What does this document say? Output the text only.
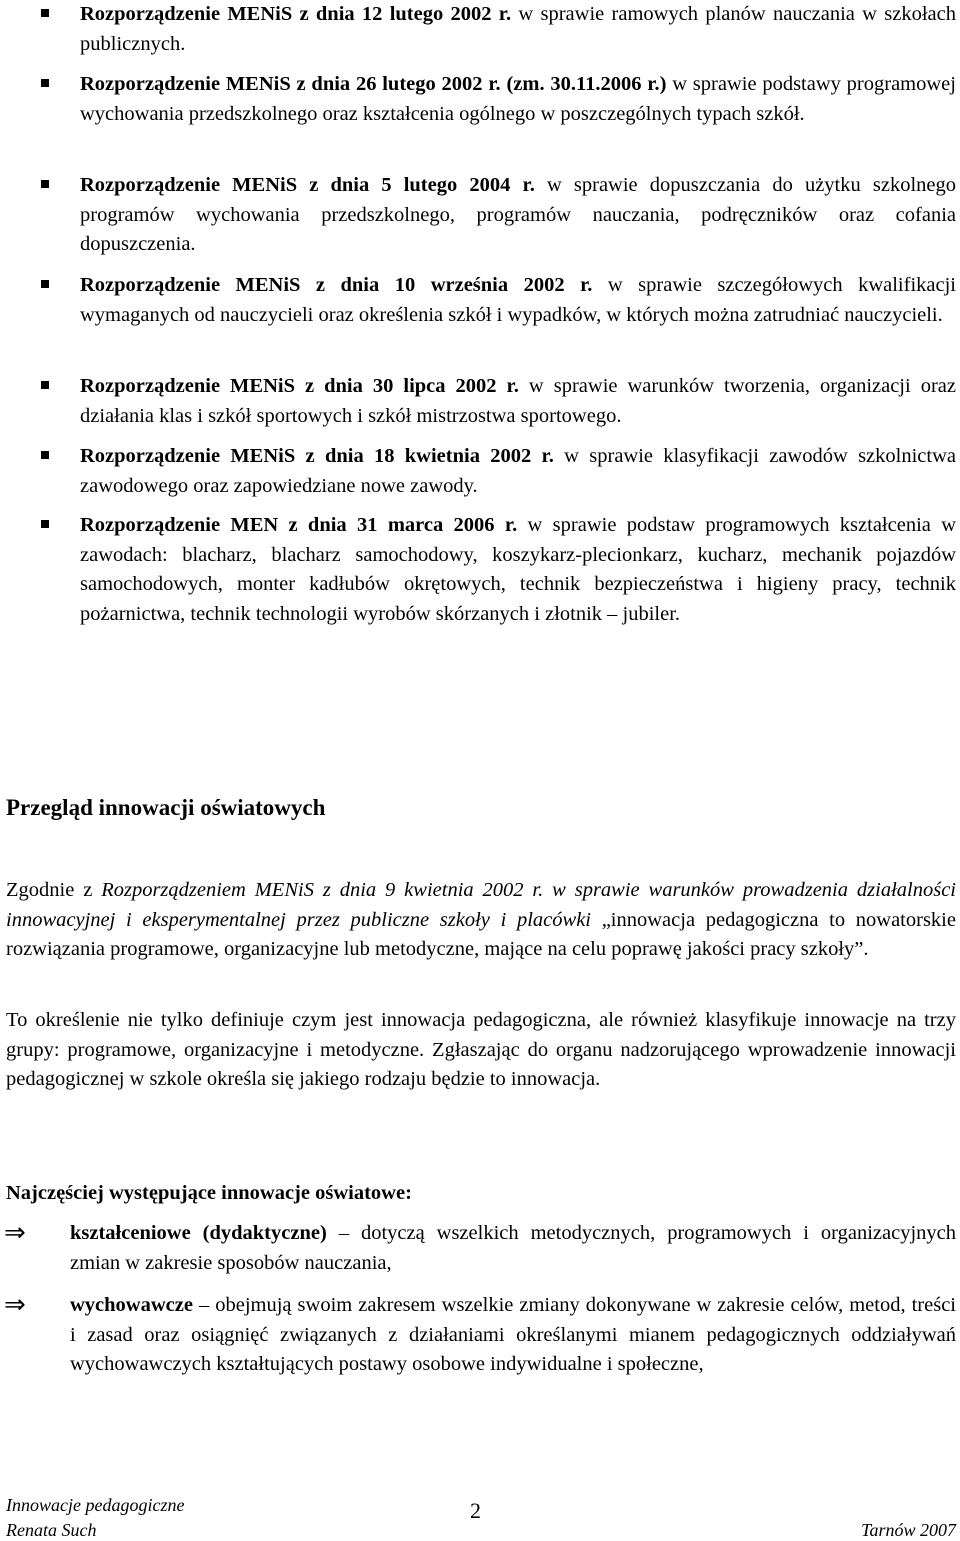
Rozporządzenie MENiS z dnia 12 lutego 2002 r. w sprawie ramowych planów nauczania w szkołach publicznych.
Rozporządzenie MENiS z dnia 26 lutego 2002 r. (zm. 30.11.2006 r.) w sprawie podstawy programowej wychowania przedszkolnego oraz kształcenia ogólnego w poszczególnych typach szkół.
Rozporządzenie MENiS z dnia 5 lutego 2004 r. w sprawie dopuszczania do użytku szkolnego programów wychowania przedszkolnego, programów nauczania, podręczników oraz cofania dopuszczenia.
Rozporządzenie MENiS z dnia 10 września 2002 r. w sprawie szczegółowych kwalifikacji wymaganych od nauczycieli oraz określenia szkół i wypadków, w których można zatrudniać nauczycieli.
Rozporządzenie MENiS z dnia 30 lipca 2002 r. w sprawie warunków tworzenia, organizacji oraz działania klas i szkół sportowych i szkół mistrzostwa sportowego.
Rozporządzenie MENiS z dnia 18 kwietnia 2002 r. w sprawie klasyfikacji zawodów szkolnictwa zawodowego oraz zapowiedziane nowe zawody.
Rozporządzenie MEN z dnia 31 marca 2006 r. w sprawie podstaw programowych kształcenia w zawodach: blacharz, blacharz samochodowy, koszykarz-plecionkarz, kucharz, mechanik pojazdów samochodowych, monter kadłubów okrętowych, technik bezpieczeństwa i higieny pracy, technik pożarnictwa, technik technologii wyrobów skórzanych i złotnik – jubiler.
Przegląd innowacji oświatowych
Zgodnie z Rozporządzeniem MENiS z dnia 9 kwietnia 2002 r. w sprawie warunków prowadzenia działalności innowacyjnej i eksperymentalnej przez publiczne szkoły i placówki „innowacja pedagogiczna to nowatorskie rozwiązania programowe, organizacyjne lub metodyczne, mające na celu poprawę jakości pracy szkoły”.
To określenie nie tylko definiuje czym jest innowacja pedagogiczna, ale również klasyfikuje innowacje na trzy grupy: programowe, organizacyjne i metodyczne. Zgłaszając do organu nadzorującego wprowadzenie innowacji pedagogicznej w szkole określa się jakiego rodzaju będzie to innowacja.
Najczęściej występujące innowacje oświatowe:
⇒ kształceniowe (dydaktyczne) – dotyczą wszelkich metodycznych, programowych i organizacyjnych zmian w zakresie sposobów nauczania,
⇒ wychowawcze – obejmują swoim zakresem wszelkie zmiany dokonywane w zakresie celów, metod, treści i zasad oraz osiągnięć związanych z działaniami określanymi mianem pedagogicznych oddziaływań wychowawczych kształtujących postawy osobowe indywidualne i społeczne,
Innowacje pedagogiczne
Renata Such
2
Tarnów 2007
